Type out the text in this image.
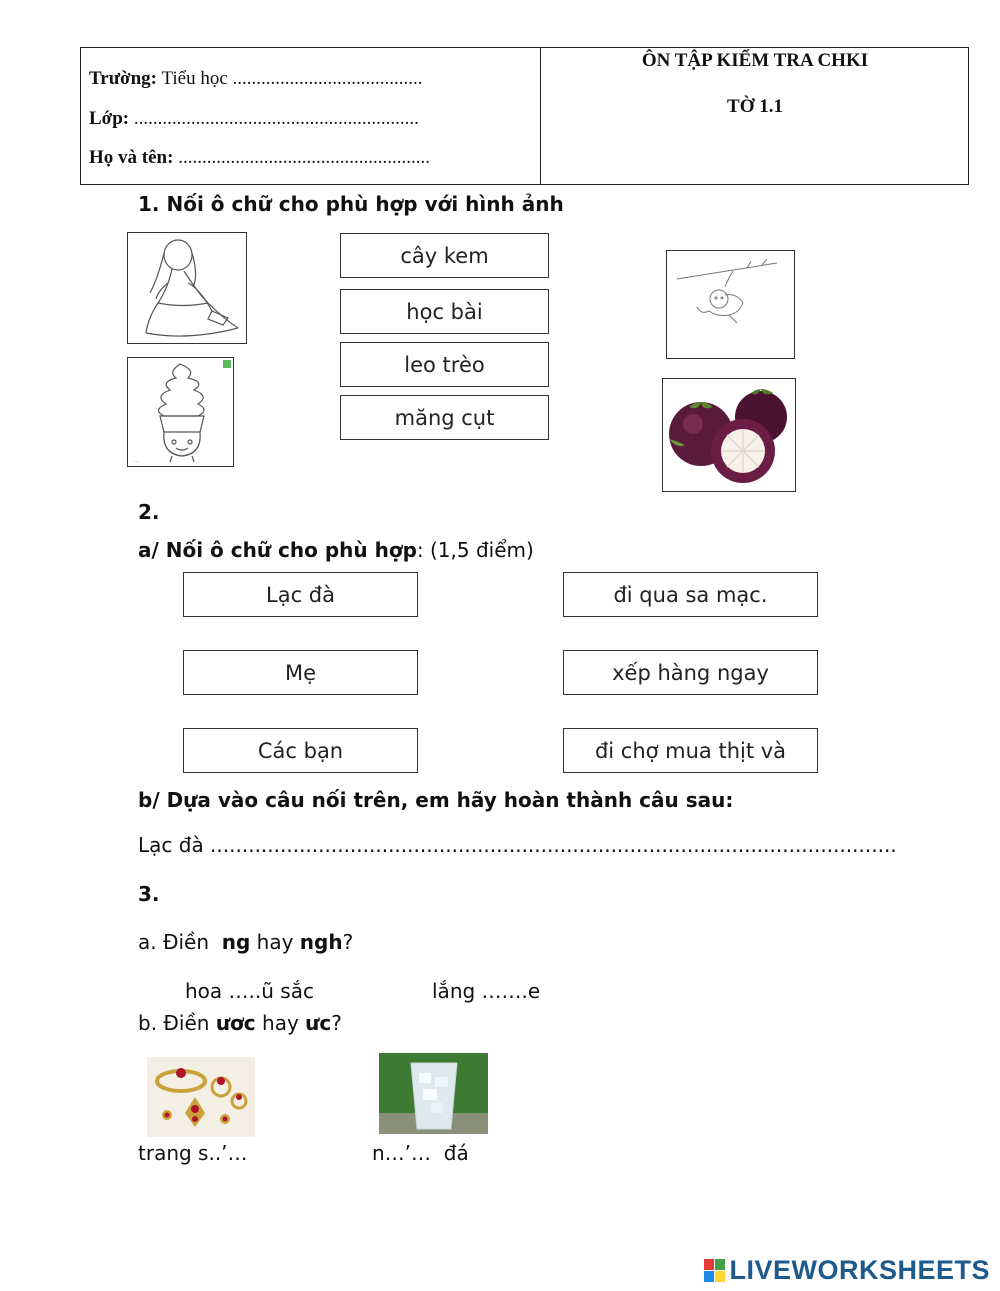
Trường: Tiểu học ........................................
Lớp: ............................................................
Họ và tên: .....................................................
ÔN TẬP KIỂM TRA CHKI
TỜ 1.1
1. Nối ô chữ cho phù hợp với hình ảnh
...
cây kem
học bài
leo trèo
măng cụt
2.
a/ Nối ô chữ cho phù hợp: (1,5 điểm)
Lạc đà
Mẹ
Các bạn
đi qua sa mạc.
xếp hàng ngay
đi chợ mua thịt và
b/ Dựa vào câu nối trên, em hãy hoàn thành câu sau:
Lạc đà ............................................................................................................
3.
a. Điền  ng hay ngh?
hoa …..ũ sắc	lắng …….e
b. Điền ươc hay ưc?
trang s..’…	n…’…  đá
LIVEWORKSHEETS
